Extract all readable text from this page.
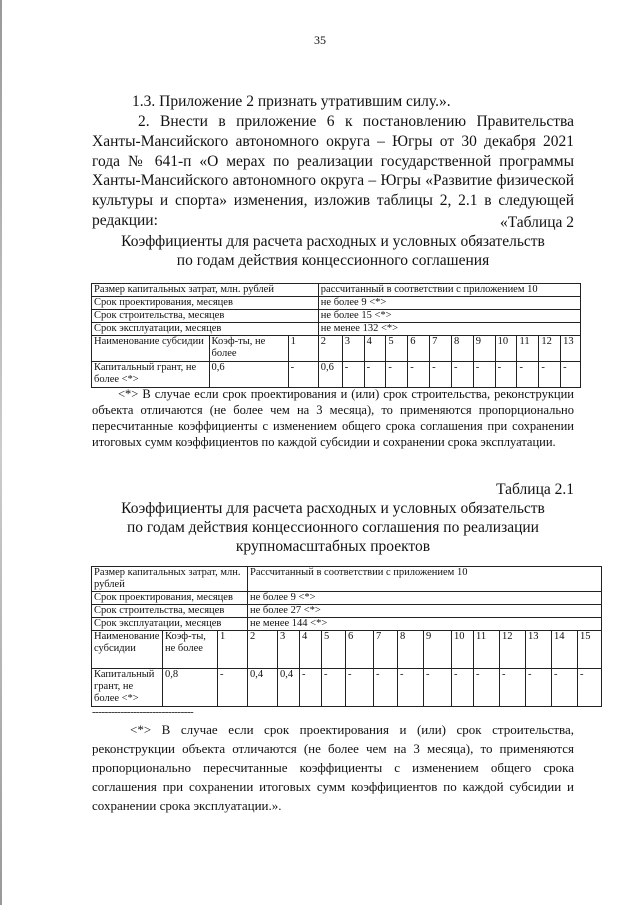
35
1.3. Приложение 2 признать утратившим силу.».
2. Внести в приложение 6 к постановлению Правительства Ханты-Мансийского автономного округа – Югры от 30 декабря 2021 года № 641-п «О мерах по реализации государственной программы Ханты-Мансийского автономного округа – Югры «Развитие физической культуры и спорта» изменения, изложив таблицы 2, 2.1 в следующей редакции:	«Таблица 2
Коэффициенты для расчета расходных и условных обязательств
по годам действия концессионного соглашения
Размер капитальных затрат, млн. рублей			рассчитанный в соответствии с приложением 10											
Срок проектирования, месяцев			не более 9 <*>											
Срок строительства, месяцев			не более 15 <*>											
Срок эксплуатации, месяцев			не менее 132 <*>											
Наименование субсидии	Коэф-ты, не более	1	2	3	4	5	6	7	8	9	10	11	12	13
Капитальный грант, не более <*>	0,6	-	0,6	-	-	-	-	-	-	-	-	-	-	-
<*> В случае если срок проектирования и (или) срок строительства, реконструкции объекта отличаются (не более чем на 3 месяца), то применяются пропорционально пересчитанные коэффициенты с изменением общего срока соглашения при сохранении итоговых сумм коэффициентов по каждой субсидии и сохранении срока эксплуатации.
Таблица 2.1
Коэффициенты для расчета расходных и условных обязательств
по годам действия концессионного соглашения по реализации
крупномасштабных проектов
Размер капитальных затрат, млн. рублей			Рассчитанный в соответствии с приложением 10													
Срок проектирования, месяцев			не более 9 <*>													
Срок строительства, месяцев			не более 27 <*>													
Срок эксплуатации, месяцев			не менее 144 <*>													
Наименование субсидии	Коэф-ты, не более	1	2	3	4	5	6	7	8	9	10	11	12	13	14	15
Капитальный грант, не более <*>	0,8	-	0,4	0,4	-	-	-	-	-	-	-	-	-	-	-	-
--------------------------------
<*> В случае если срок проектирования и (или) срок строительства, реконструкции объекта отличаются (не более чем на 3 месяца), то применяются пропорционально пересчитанные коэффициенты с изменением общего срока соглашения при сохранении итоговых сумм коэффициентов по каждой субсидии и сохранении срока эксплуатации.».
